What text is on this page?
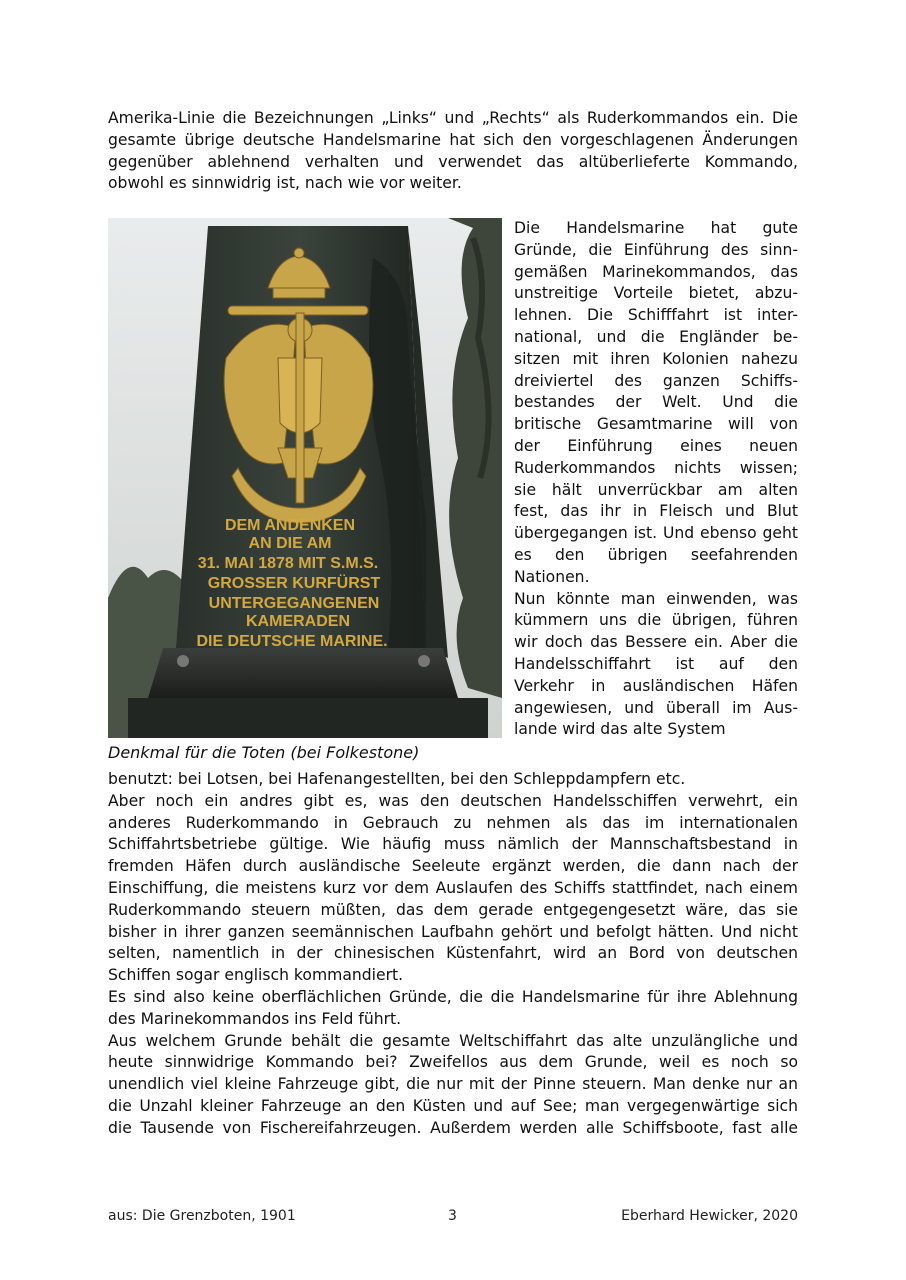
Amerika-Linie die Bezeichnungen „Links“ und „Rechts“ als Ruderkommandos ein. Die
gesamte übrige deutsche Handelsmarine hat sich den vorgeschlagenen Änderungen
gegenüber ablehnend verhalten und verwendet das altüberlieferte Kommando,
obwohl es sinnwidrig ist, nach wie vor weiter.
DEM ANDENKEN
AN DIE AM
31. MAI 1878 MIT S.M.S.
GROSSER KURFÜRST
UNTERGEGANGENEN
KAMERADEN
DIE DEUTSCHE MARINE.
Die Handelsmarine hat gute
Gründe, die Einführung des sinn-
gemäßen Marinekommandos, das
unstreitige Vorteile bietet, abzu-
lehnen. Die Schifffahrt ist inter-
national, und die Engländer be-
sitzen mit ihren Kolonien nahezu
dreiviertel des ganzen Schiffs-
bestandes der Welt. Und die
britische Gesamtmarine will von
der Einführung eines neuen
Ruderkommandos nichts wissen;
sie hält unverrückbar am alten
fest, das ihr in Fleisch und Blut
übergegangen ist. Und ebenso geht
es den übrigen seefahrenden
Nationen.
Nun könnte man einwenden, was
kümmern uns die übrigen, führen
wir doch das Bessere ein. Aber die
Handelsschiffahrt ist auf den
Verkehr in ausländischen Häfen
angewiesen, und überall im Aus-
lande wird das alte System
Denkmal für die Toten (bei Folkestone)
benutzt: bei Lotsen, bei Hafenangestellten, bei den Schleppdampfern etc.
Aber noch ein andres gibt es, was den deutschen Handelsschiffen verwehrt, ein
anderes Ruderkommando in Gebrauch zu nehmen als das im internationalen
Schiffahrtsbetriebe gültige. Wie häufig muss nämlich der Mannschaftsbestand in
fremden Häfen durch ausländische Seeleute ergänzt werden, die dann nach der
Einschiffung, die meistens kurz vor dem Auslaufen des Schiffs stattfindet, nach einem
Ruderkommando steuern müßten, das dem gerade entgegengesetzt wäre, das sie
bisher in ihrer ganzen seemännischen Laufbahn gehört und befolgt hätten. Und nicht
selten, namentlich in der chinesischen Küstenfahrt, wird an Bord von deutschen
Schiffen sogar englisch kommandiert.
Es sind also keine oberflächlichen Gründe, die die Handelsmarine für ihre Ablehnung
des Marinekommandos ins Feld führt.
Aus welchem Grunde behält die gesamte Weltschiffahrt das alte unzulängliche und
heute sinnwidrige Kommando bei? Zweifellos aus dem Grunde, weil es noch so
unendlich viel kleine Fahrzeuge gibt, die nur mit der Pinne steuern. Man denke nur an
die Unzahl kleiner Fahrzeuge an den Küsten und auf See; man vergegenwärtige sich
die Tausende von Fischereifahrzeugen. Außerdem werden alle Schiffsboote, fast alle
aus: Die Grenzboten, 1901	3	Eberhard Hewicker, 2020
